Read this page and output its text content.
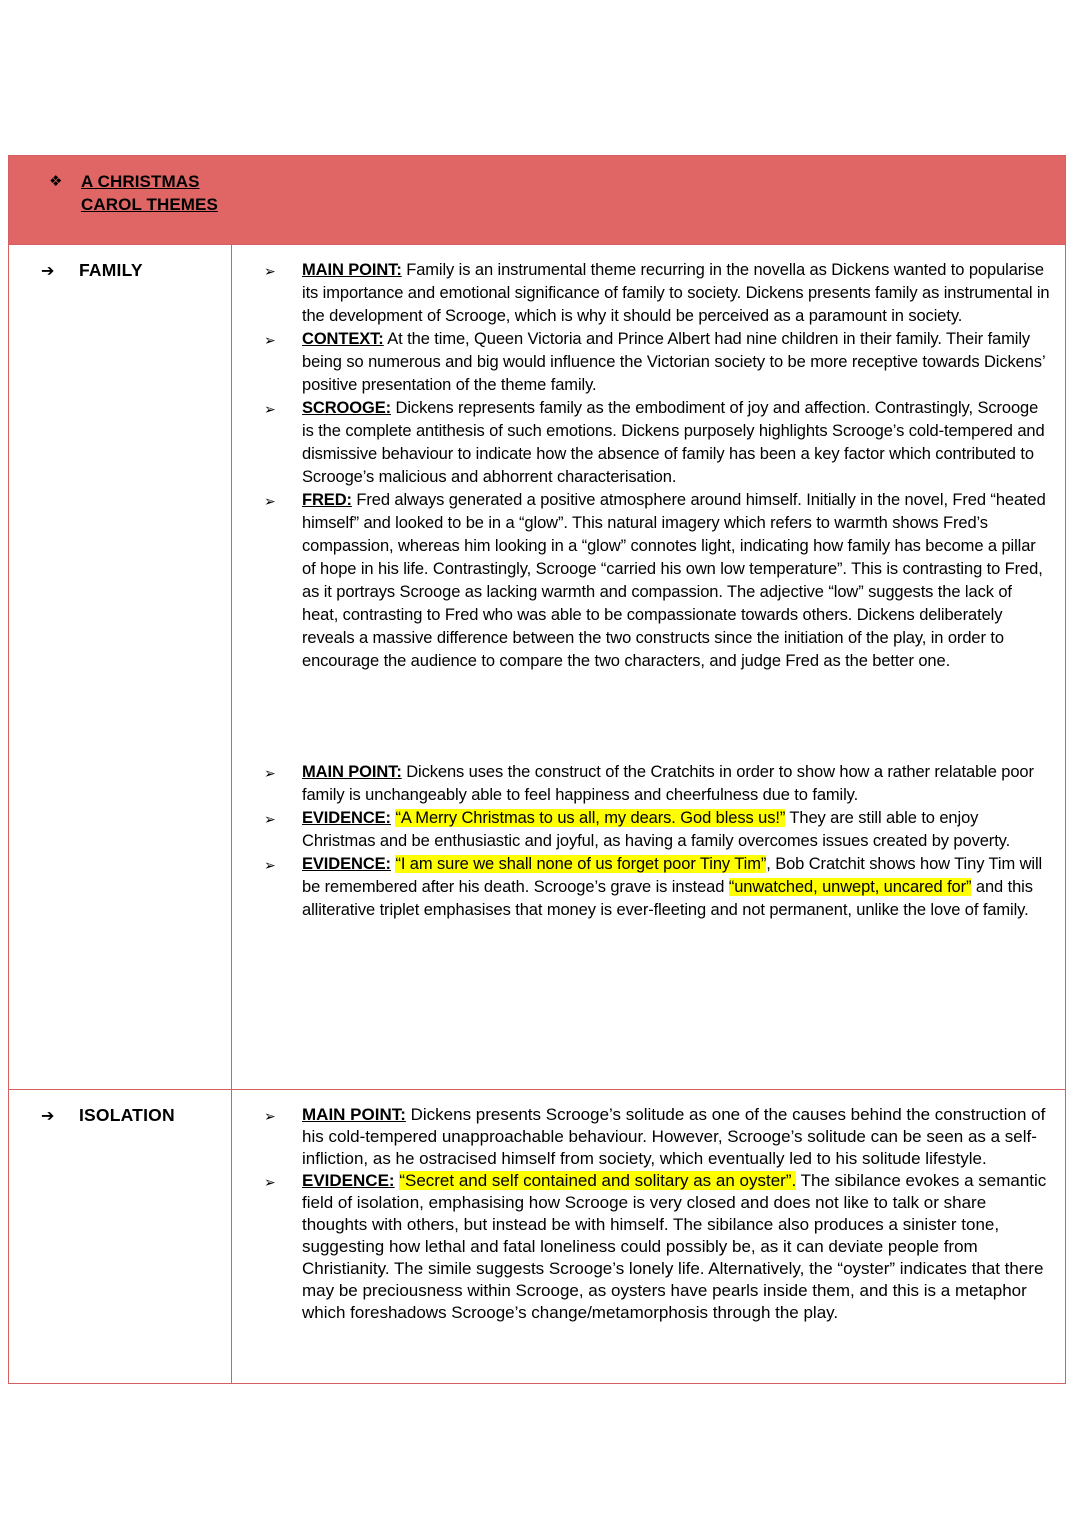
❖	A CHRISTMAS CAROL THEMES
➔	FAMILY	➢	MAIN POINT: Family is an instrumental theme recurring in the novella as Dickens wanted to popularise its importance and emotional significance of family to society. Dickens presents family as instrumental in the development of Scrooge, which is why it should be perceived as a paramount in society.
➢	CONTEXT: At the time, Queen Victoria and Prince Albert had nine children in their family. Their family being so numerous and big would influence the Victorian society to be more receptive towards Dickens’ positive presentation of the theme family.
➢	SCROOGE: Dickens represents family as the embodiment of joy and affection. Contrastingly, Scrooge is the complete antithesis of such emotions. Dickens purposely highlights Scrooge’s cold-tempered and dismissive behaviour to indicate how the absence of family has been a key factor which contributed to Scrooge’s malicious and abhorrent characterisation.
➢	FRED: Fred always generated a positive atmosphere around himself. Initially in the novel, Fred “heated himself” and looked to be in a “glow”. This natural imagery which refers to warmth shows Fred’s compassion, whereas him looking in a “glow” connotes light, indicating how family has become a pillar of hope in his life. Contrastingly, Scrooge “carried his own low temperature”. This is contrasting to Fred, as it portrays Scrooge as lacking warmth and compassion. The adjective “low” suggests the lack of heat, contrasting to Fred who was able to be compassionate towards others. Dickens deliberately reveals a massive difference between the two constructs since the initiation of the play, in order to encourage the audience to compare the two characters, and judge Fred as the better one.
➢	MAIN POINT: Dickens uses the construct of the Cratchits in order to show how a rather relatable poor family is unchangeably able to feel happiness and cheerfulness due to family.
➢	EVIDENCE: “A Merry Christmas to us all, my dears. God bless us!” They are still able to enjoy Christmas and be enthusiastic and joyful, as having a family overcomes issues created by poverty.
➢	EVIDENCE: “I am sure we shall none of us forget poor Tiny Tim”, Bob Cratchit shows how Tiny Tim will be remembered after his death. Scrooge’s grave is instead “unwatched, unwept, uncared for” and this alliterative triplet emphasises that money is ever-fleeting and not permanent, unlike the love of family.
➔	ISOLATION	➢	MAIN POINT: Dickens presents Scrooge’s solitude as one of the causes behind the construction of his cold-tempered unapproachable behaviour. However, Scrooge’s solitude can be seen as a self-infliction, as he ostracised himself from society, which eventually led to his solitude lifestyle.
➢	EVIDENCE: “Secret and self contained and solitary as an oyster”. The sibilance evokes a semantic field of isolation, emphasising how Scrooge is very closed and does not like to talk or share thoughts with others, but instead be with himself. The sibilance also produces a sinister tone, suggesting how lethal and fatal loneliness could possibly be, as it can deviate people from Christianity. The simile suggests Scrooge’s lonely life. Alternatively, the “oyster” indicates that there may be preciousness within Scrooge, as oysters have pearls inside them, and this is a metaphor which foreshadows Scrooge’s change/metamorphosis through the play.
